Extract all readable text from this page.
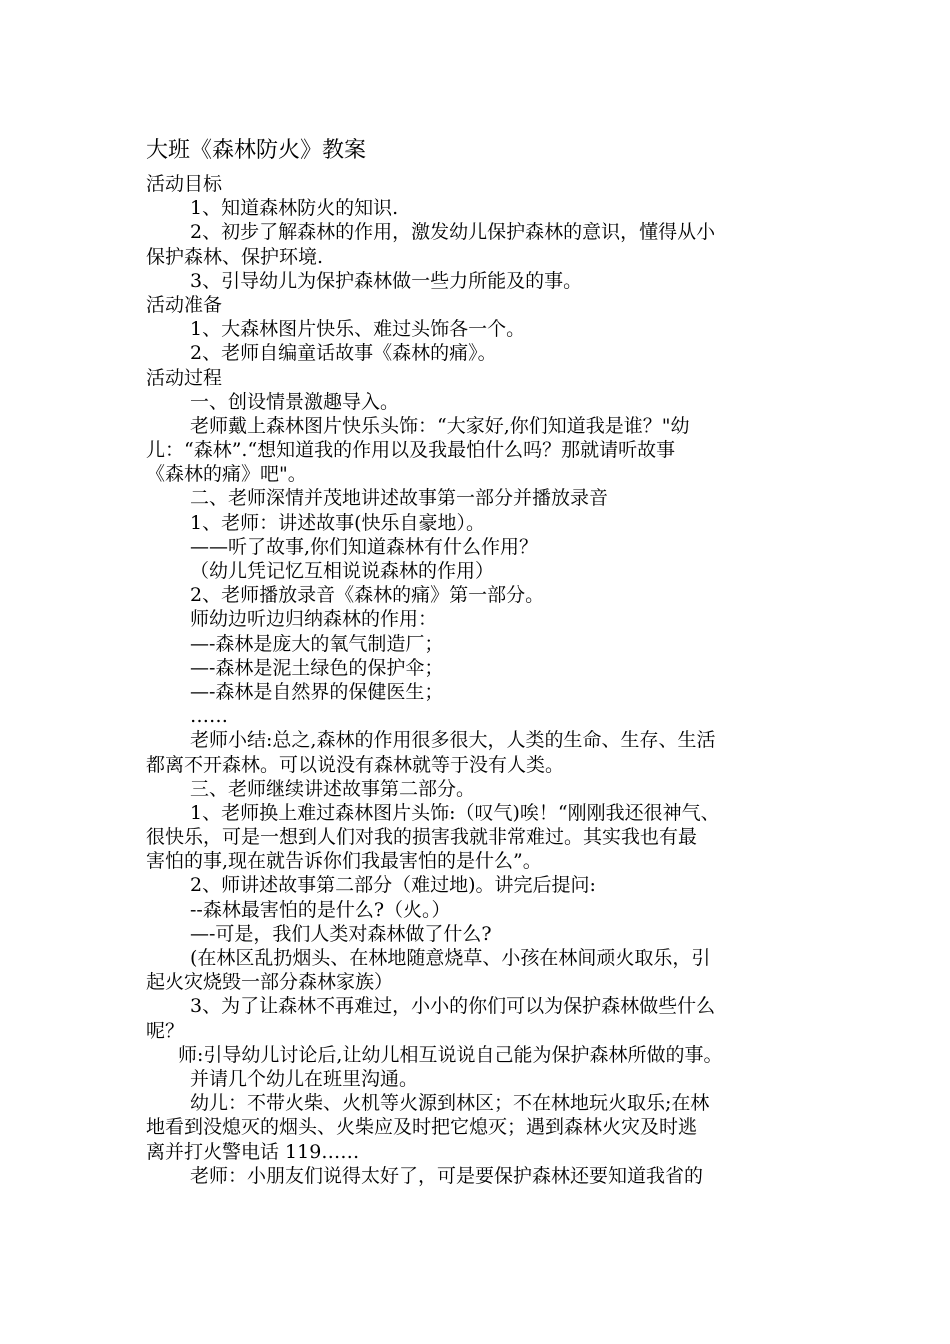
大班《森林防火》教案
活动目标
1、知道森林防火的知识.
2、初步了解森林的作用，激发幼儿保护森林的意识，懂得从小
保护森林、保护环境.
3、引导幼儿为保护森林做一些力所能及的事。
活动准备
1、大森林图片快乐、难过头饰各一个。
2、老师自编童话故事《森林的痛》。
活动过程
一、创设情景激趣导入。
老师戴上森林图片快乐头饰：“大家好,你们知道我是谁？"幼
儿：“森林”.“想知道我的作用以及我最怕什么吗？那就请听故事
《森林的痛》吧"。
二、老师深情并茂地讲述故事第一部分并播放录音
1、老师：讲述故事(快乐自豪地）。
——听了故事,你们知道森林有什么作用？
（幼儿凭记忆互相说说森林的作用）
2、老师播放录音《森林的痛》第一部分。
师幼边听边归纳森林的作用：
—-森林是庞大的氧气制造厂；
—-森林是泥土绿色的保护伞；
—-森林是自然界的保健医生；
……
老师小结:总之,森林的作用很多很大，人类的生命、生存、生活
都离不开森林。可以说没有森林就等于没有人类。
三、老师继续讲述故事第二部分。
1、老师换上难过森林图片头饰:（叹气)唉！“刚刚我还很神气、
很快乐，可是一想到人们对我的损害我就非常难过。其实我也有最
害怕的事,现在就告诉你们我最害怕的是什么”。
2、师讲述故事第二部分（难过地)。讲完后提问:
--森林最害怕的是什么?（火。）
—-可是，我们人类对森林做了什么?
(在林区乱扔烟头、在林地随意烧草、小孩在林间顽火取乐，引
起火灾烧毁一部分森林家族）
3、为了让森林不再难过，小小的你们可以为保护森林做些什么
呢？
师:引导幼儿讨论后,让幼儿相互说说自己能为保护森林所做的事。
并请几个幼儿在班里沟通。
幼儿：不带火柴、火机等火源到林区；不在林地玩火取乐;在林
地看到没熄灭的烟头、火柴应及时把它熄灭；遇到森林火灾及时逃
离并打火警电话 119……
老师：小朋友们说得太好了，可是要保护森林还要知道我省的
